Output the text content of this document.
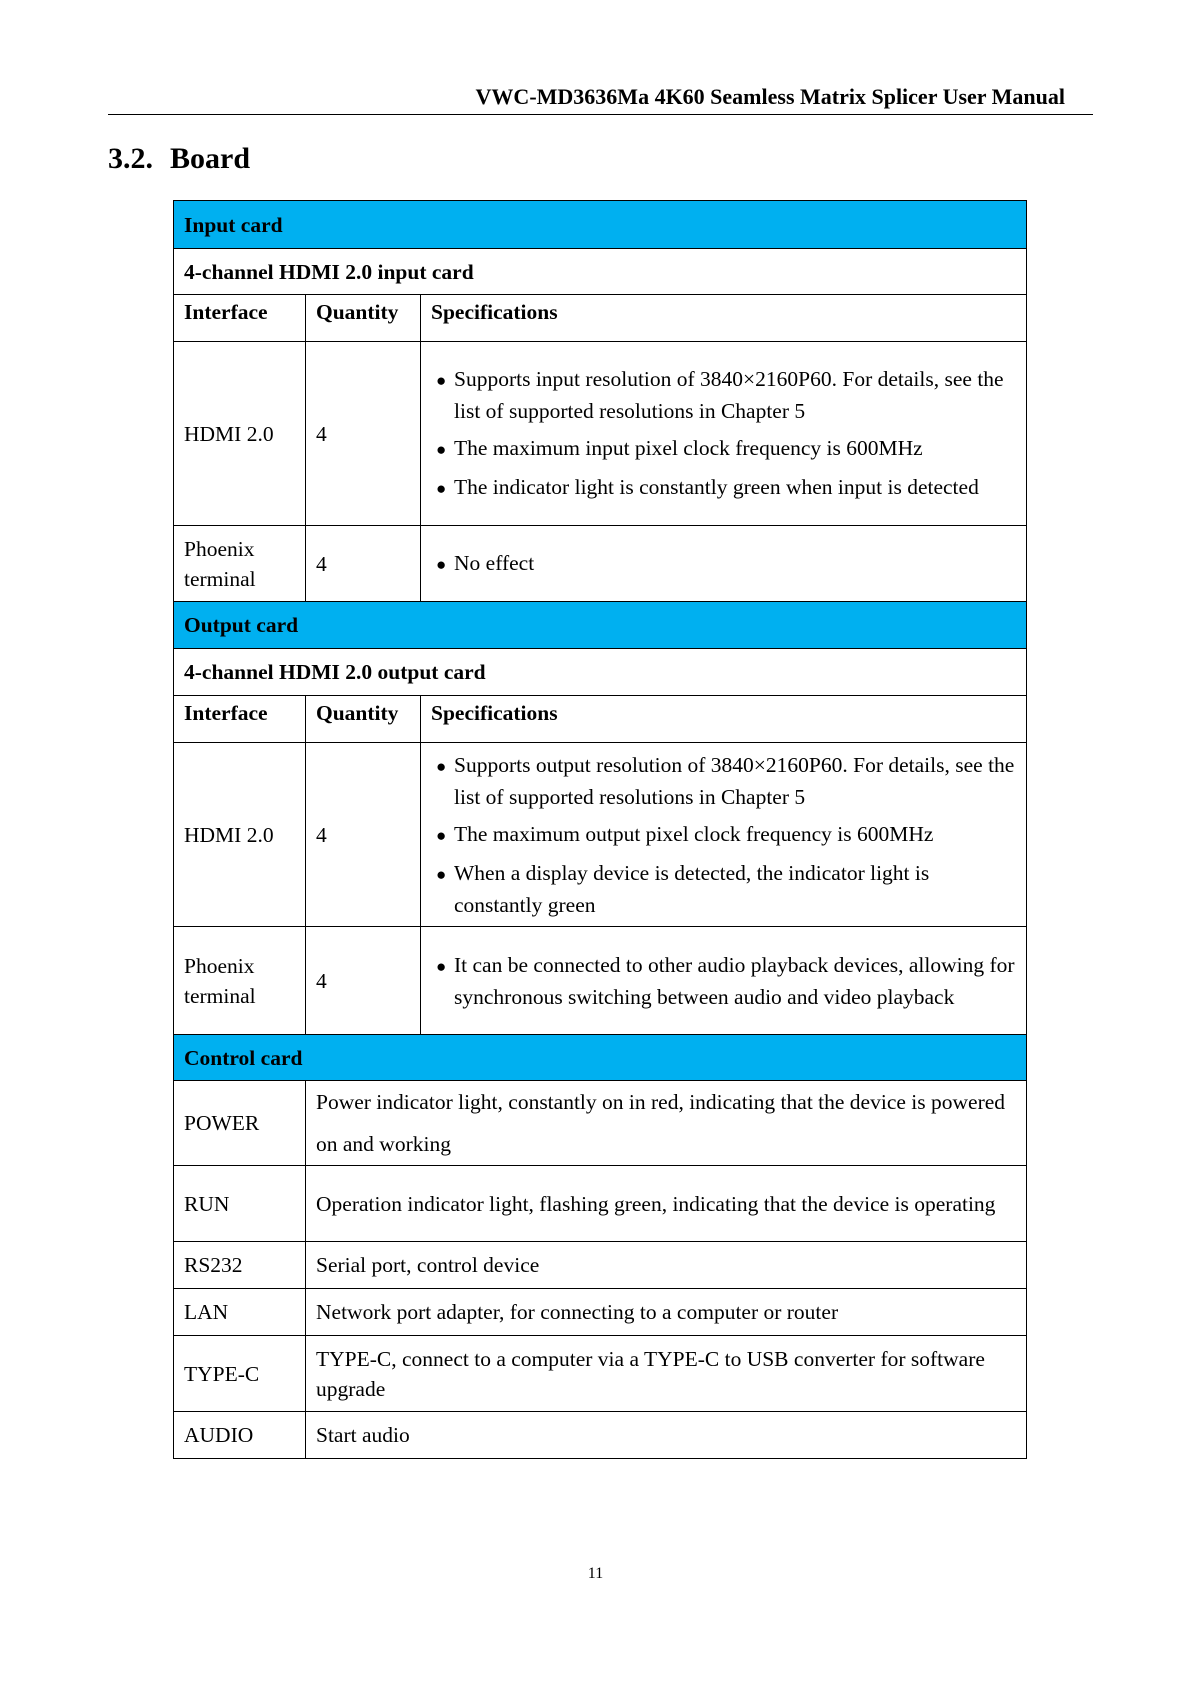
VWC-MD3636Ma 4K60 Seamless Matrix Splicer User Manual
3.2. Board
Input card		
4-channel HDMI 2.0 input card		
Interface	Quantity	Specifications
HDMI 2.0	4	● Supports input resolution of 3840×2160P60. For details, see the list of supported resolutions in Chapter 5

● The maximum input pixel clock frequency is 600MHz

● The indicator light is constantly green when input is detected

Phoenix terminal	4	● No effect

Output card		
4-channel HDMI 2.0 output card		
Interface	Quantity	Specifications
HDMI 2.0	4	● Supports output resolution of 3840×2160P60. For details, see the list of supported resolutions in Chapter 5

● The maximum output pixel clock frequency is 600MHz

● When a display device is detected, the indicator light is constantly green

Phoenix terminal	4	● It can be connected to other audio playback devices, allowing for synchronous switching between audio and video playback

Control card		
POWER	Power indicator light, constantly on in red, indicating that the device is powered on and working	
RUN	Operation indicator light, flashing green, indicating that the device is operating	
RS232	Serial port, control device	
LAN	Network port adapter, for connecting to a computer or router	
TYPE-C	TYPE-C, connect to a computer via a TYPE-C to USB converter for software upgrade	
AUDIO	Start audio	
11
